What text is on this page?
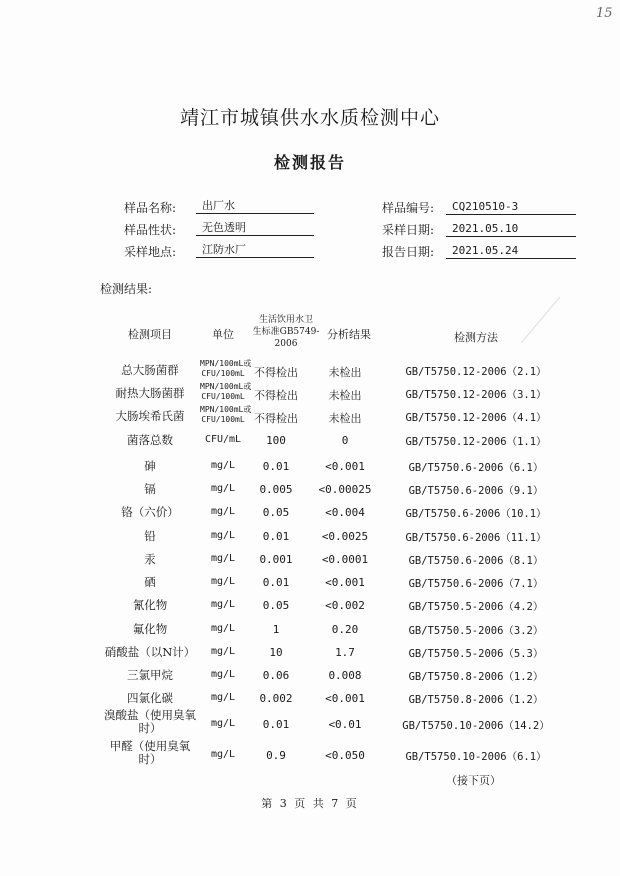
15
靖江市城镇供水水质检测中心
检测报告
样品名称:	出厂水
样品性状:	无色透明
采样地点:	江防水厂
样品编号:	CQ210510-3
采样日期:	2021.05.10
报告日期:	2021.05.24
检测结果:
检测项目	单位
生活饮用水卫
生标准GB5749-
2006
分析结果	检测方法
总大肠菌群	MPN/100mL或
CFU/100mL 不得检出	未检出	GB/T5750.12-2006（2.1）
耐热大肠菌群	MPN/100mL或
CFU/100mL 不得检出	未检出	GB/T5750.12-2006（3.1）
大肠埃希氏菌	MPN/100mL或
CFU/100mL 不得检出	未检出	GB/T5750.12-2006（4.1）
菌落总数	CFU/mL	100	0	GB/T5750.12-2006（1.1）
砷	mg/L	0.01	<0.001	GB/T5750.6-2006（6.1）
镉	mg/L	0.005	<0.00025	GB/T5750.6-2006（9.1）
铬（六价）	mg/L	0.05	<0.004	GB/T5750.6-2006（10.1）
铅	mg/L	0.01	<0.0025	GB/T5750.6-2006（11.1）
汞	mg/L	0.001	<0.0001	GB/T5750.6-2006（8.1）
硒	mg/L	0.01	<0.001	GB/T5750.6-2006（7.1）
氰化物	mg/L	0.05	<0.002	GB/T5750.5-2006（4.2）
氟化物	mg/L	1	0.20	GB/T5750.5-2006（3.2）
硝酸盐（以N计）	mg/L	10	1.7	GB/T5750.5-2006（5.3）
三氯甲烷	mg/L	0.06	0.008	GB/T5750.8-2006（1.2）
四氯化碳	mg/L	0.002	<0.001	GB/T5750.8-2006（1.2）
溴酸盐（使用臭氧
时）	mg/L	0.01	<0.01	GB/T5750.10-2006（14.2）
甲醛（使用臭氧
时）	mg/L	0.9	<0.050	GB/T5750.10-2006（6.1）
（接下页）
第 3 页 共 7 页
